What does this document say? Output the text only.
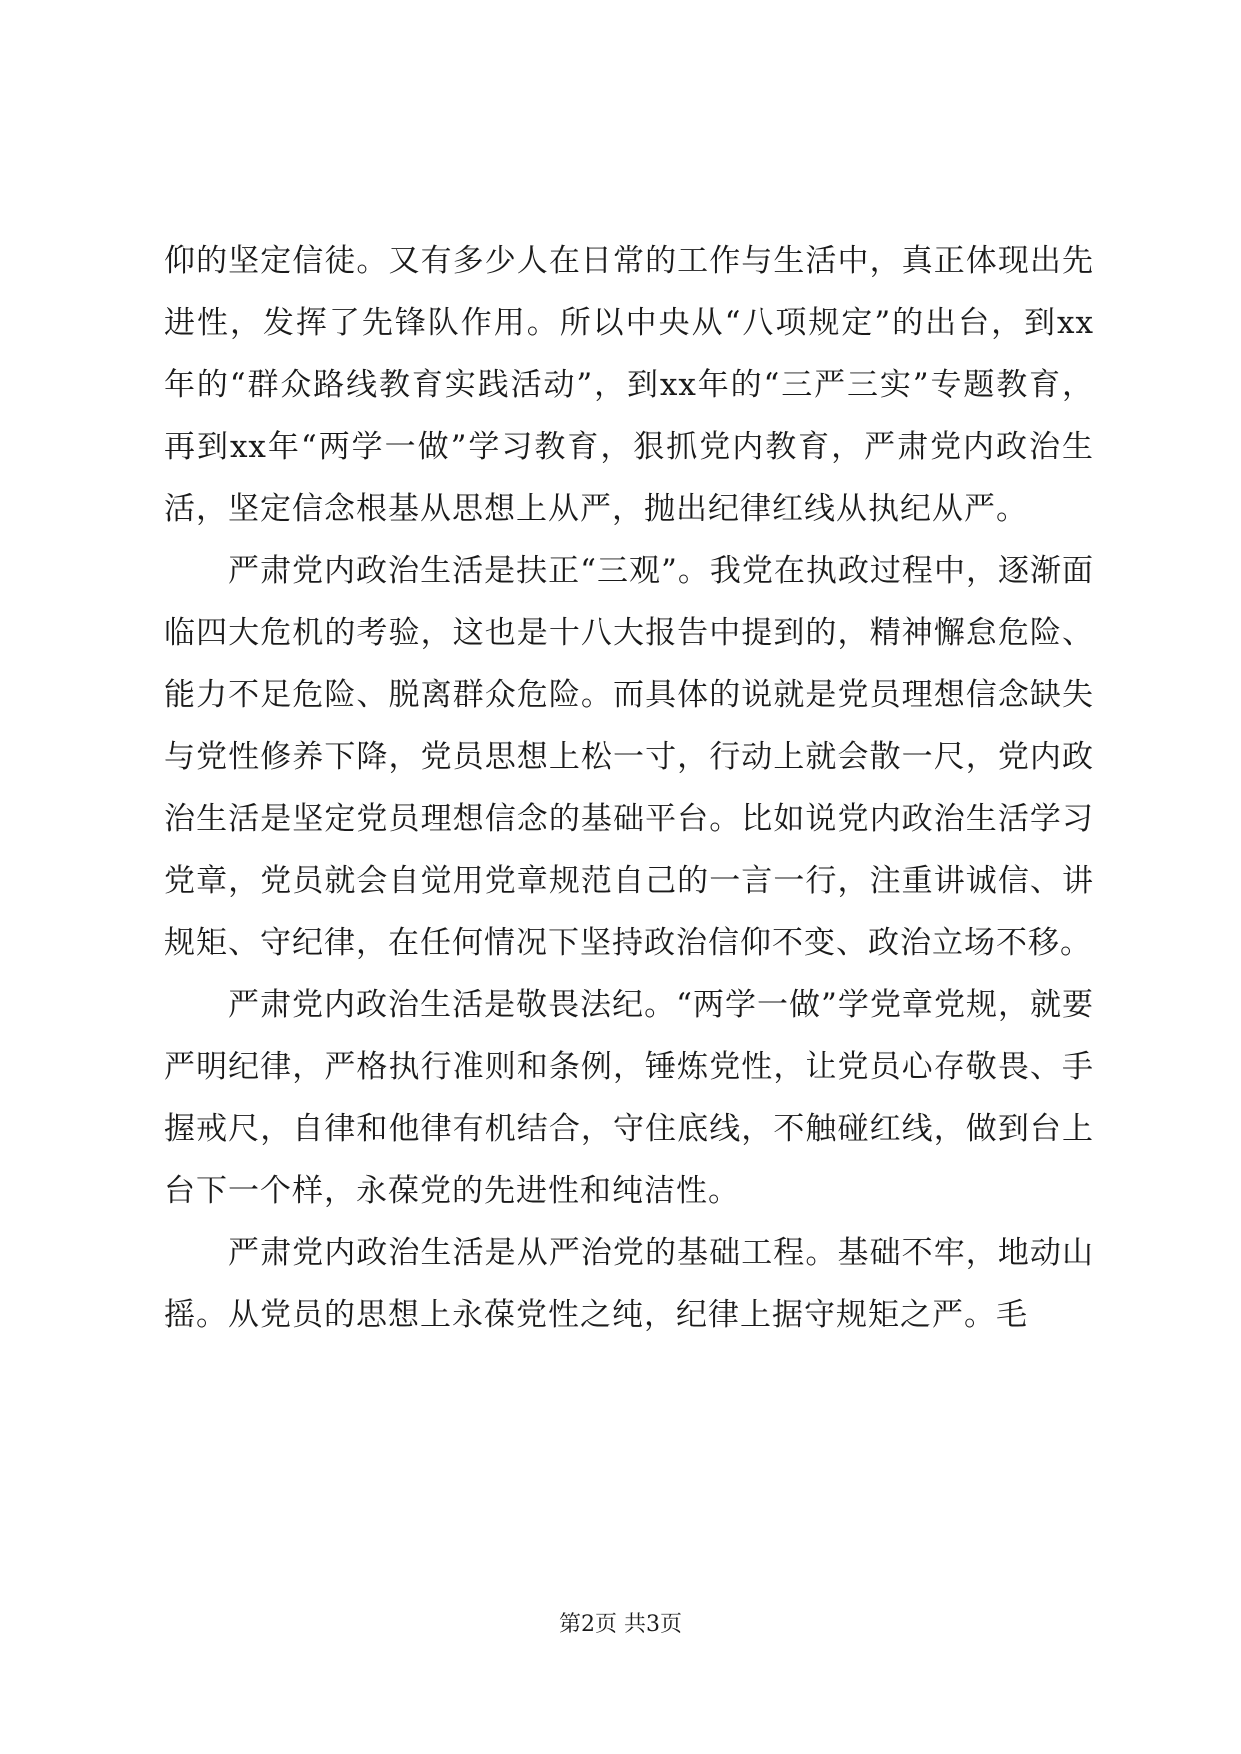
仰的坚定信徒。又有多少人在日常的工作与生活中，真正体现出先进性，发挥了先锋队作用。所以中央从“八项规定”的出台，到xx年的“群众路线教育实践活动”，到xx年的“三严三实”专题教育，再到xx年“两学一做”学习教育，狠抓党内教育，严肃党内政治生活，坚定信念根基从思想上从严，抛出纪律红线从执纪从严。

严肃党内政治生活是扶正“三观”。我党在执政过程中，逐渐面临四大危机的考验，这也是十八大报告中提到的，精神懈怠危险、能力不足危险、脱离群众危险。而具体的说就是党员理想信念缺失与党性修养下降，党员思想上松一寸，行动上就会散一尺，党内政治生活是坚定党员理想信念的基础平台。比如说党内政治生活学习党章，党员就会自觉用党章规范自己的一言一行，注重讲诚信、讲规矩、守纪律，在任何情况下坚持政治信仰不变、政治立场不移。

严肃党内政治生活是敬畏法纪。“两学一做”学党章党规，就要严明纪律，严格执行准则和条例，锤炼党性，让党员心存敬畏、手握戒尺，自律和他律有机结合，守住底线，不触碰红线，做到台上台下一个样，永葆党的先进性和纯洁性。

严肃党内政治生活是从严治党的基础工程。基础不牢，地动山摇。从党员的思想上永葆党性之纯，纪律上据守规矩之严。毛

第2页 共3页
